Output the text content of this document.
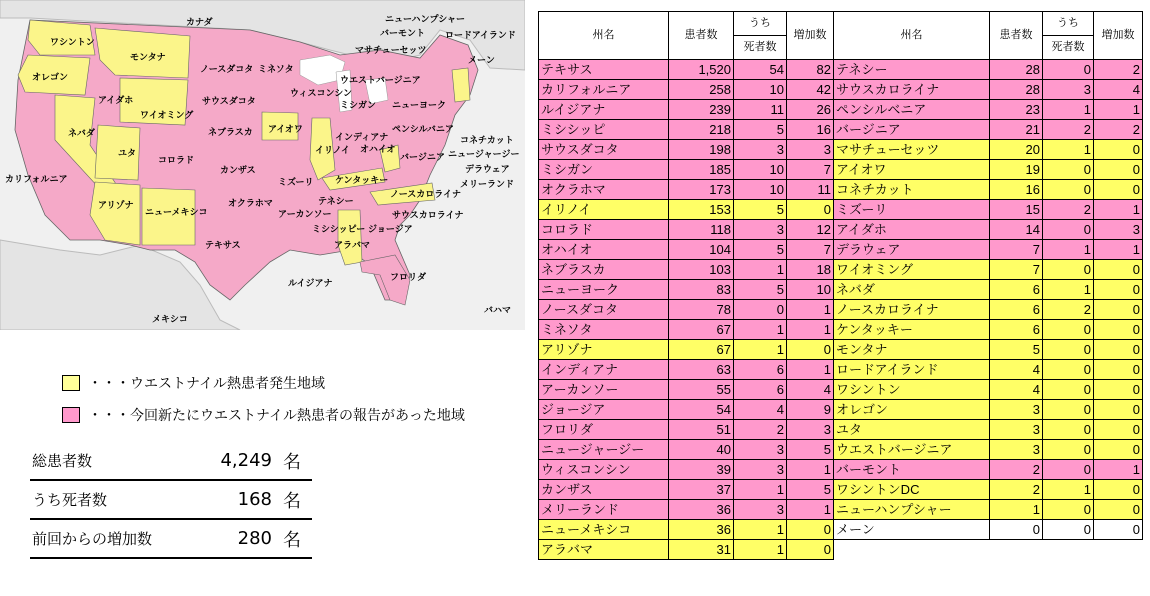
カナダ	ニューハンプシャー
バーモント ロードアイランド
マサチューセッツ
メーン
ワシントン
モンタナ
ノースダコタ ミネソタ
ウエストバージニア
オレゴン
アイダホ	サウスダコタ
ウィスコンシン
ミシガン ニューヨーク
ワイオミング
アイオワ	ペンシルバニア
コネチカット
ネバダ	ネブラスカ
イリノイ
インディアナ
オハイオ	ニュージャージー
ユタ
コロラド
カンザス
ミズーリ ケンタッキー
バージニア
デラウェア
カリフォルニア
テネシー
ノースカロライナ
メリーランド
アリゾナ
ニューメキシコ
オクラホマ
アーカンソー
ミシシッピー ジョージア
サウスカロライナ
アラバマ
テキサス
フロリダ
ルイジアナ
メキシコ
バハマ
・・・ウエストナイル熱患者発生地域
・・・今回新たにウエストナイル熱患者の報告があった地域
総患者数	4,249 名
うち死者数	168 名
前回からの増加数	280 名
州名	患者数	うち	増加数	州名	患者数	うち	増加数
		死者数				死者数	
テキサス	1,520	54	82	テネシー	28	0	2
カリフォルニア	258	10	42	サウスカロライナ	28	3	4
ルイジアナ	239	11	26	ペンシルベニア	23	1	1
ミシシッピ	218	5	16	バージニア	21	2	2
サウスダコタ	198	3	3	マサチューセッツ	20	1	0
ミシガン	185	10	7	アイオワ	19	0	0
オクラホマ	173	10	11	コネチカット	16	0	0
イリノイ	153	5	0	ミズーリ	15	2	1
コロラド	118	3	12	アイダホ	14	0	3
オハイオ	104	5	7	デラウェア	7	1	1
ネブラスカ	103	1	18	ワイオミング	7	0	0
ニューヨーク	83	5	10	ネバダ	6	1	0
ノースダコタ	78	0	1	ノースカロライナ	6	2	0
ミネソタ	67	1	1	ケンタッキー	6	0	0
アリゾナ	67	1	0	モンタナ	5	0	0
インディアナ	63	6	1	ロードアイランド	4	0	0
アーカンソー	55	6	4	ワシントン	4	0	0
ジョージア	54	4	9	オレゴン	3	0	0
フロリダ	51	2	3	ユタ	3	0	0
ニュージャージー	40	3	5	ウエストバージニア	3	0	0
ウィスコンシン	39	3	1	バーモント	2	0	1
カンザス	37	1	5	ワシントンDC	2	1	0
メリーランド	36	3	1	ニューハンプシャー	1	0	0
ニューメキシコ	36	1	0	メーン	0	0	0
アラバマ	31	1	0				
